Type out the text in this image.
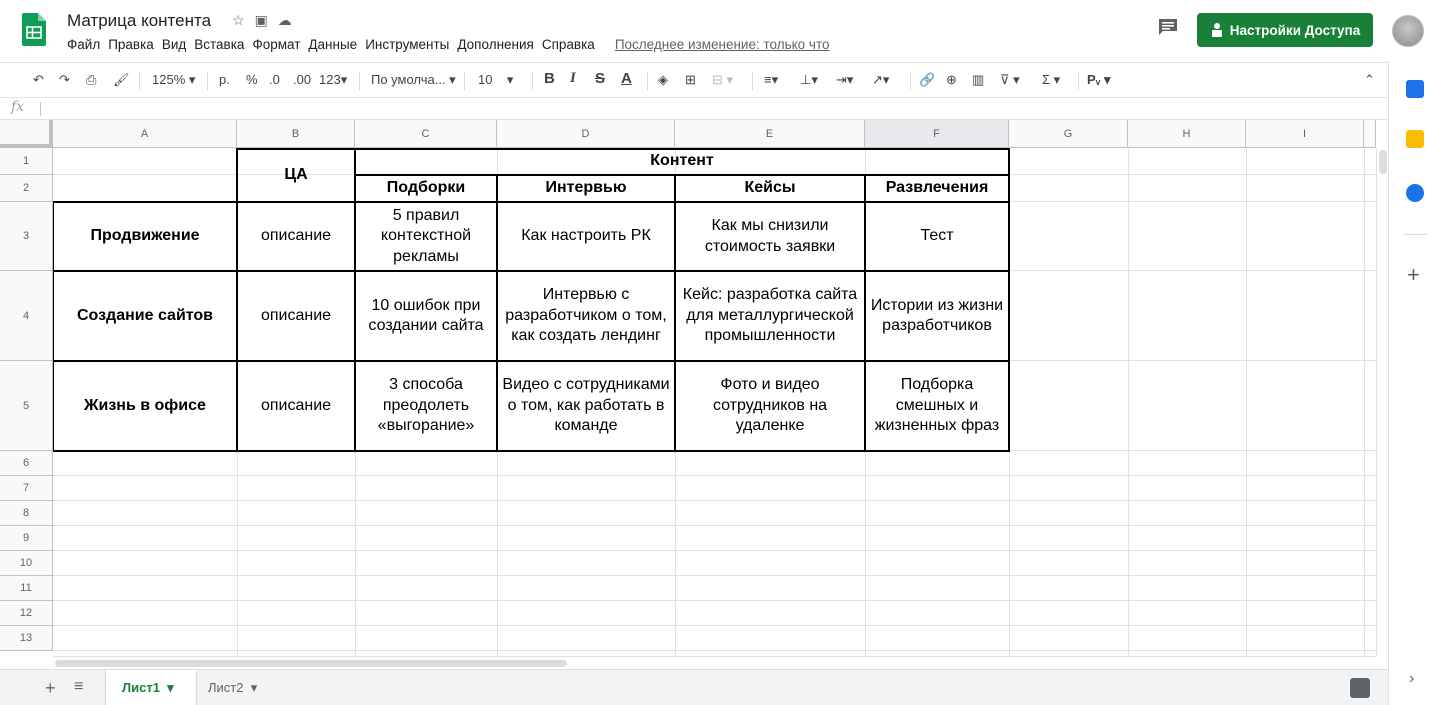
Матрица контента ☆ ▣ ☁
Файл Правка Вид Вставка Формат Данные Инструменты Дополнения Справка Последнее изменение: только что
Настройки Доступа
↶ ↷ ⎙ 🖌 125% ▾ р. % .0 .00 123▾ По умолча... ▾ 10    ▾ B I S A ◈ ⊞ ⊟ ▾ ≡▾ ⊥▾ ⇥▾ ↗▾ 🔗 ⊕ ▥ ⊽ ▾ Σ ▾ Pᵥ ▾	⌃
fx
A	B	C	D	E	F	G	H	I
1
2
3
4
5
6
7
8
9
10
11
12
13
ЦА
Контент
Подборки	Интервью	Кейсы	Развлечения
Продвижение	описание
5 правил контекстной рекламы
Как настроить РК
Как мы снизили стоимость заявки
Тест
Создание сайтов	описание
10 ошибок при создании сайта
Интервью с разработчиком о том, как создать лендинг
Кейс: разработка сайта для металлургической промышленности
Истории из жизни разработчиков
Жизнь в офисе	описание
3 способа преодолеть «выгорание»
Видео с сотрудниками о том, как работать в команде
Фото и видео сотрудников на удаленке
Подборка смешных и жизненных фраз
+ ≡	Лист1 ▾	Лист2 ▾
+
›
